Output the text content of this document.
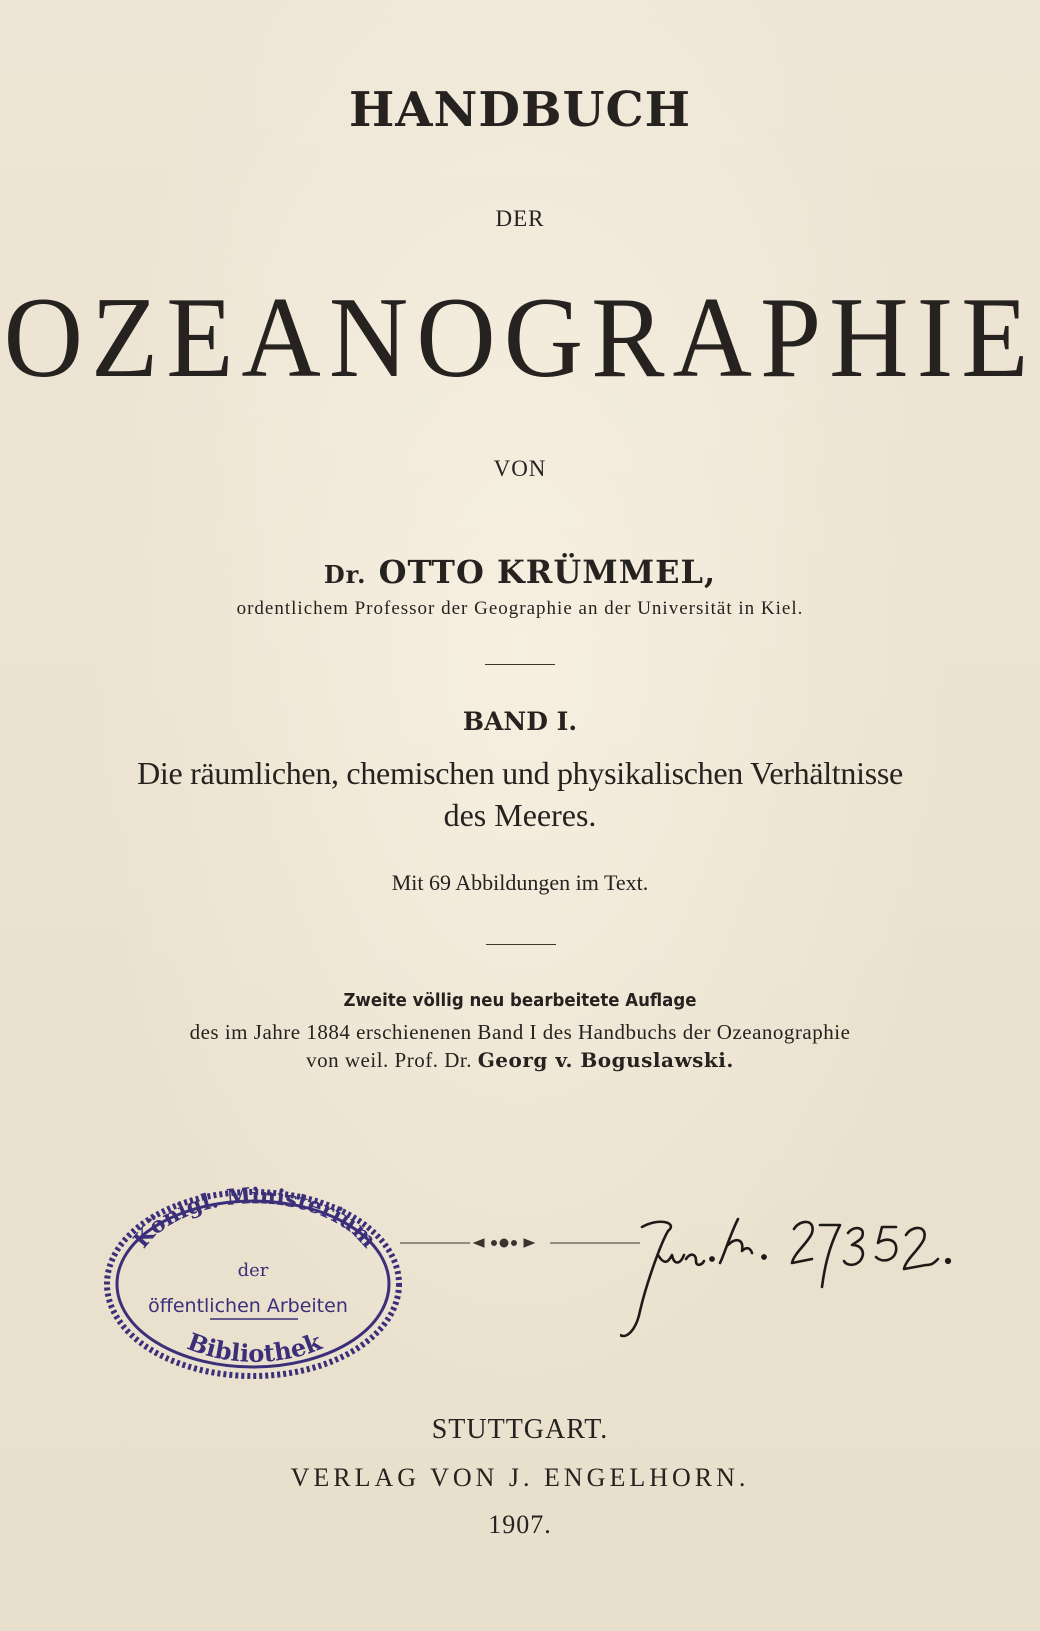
HANDBUCH
DER
OZEANOGRAPHIE
VON
Dr. OTTO KRÜMMEL,
ordentlichem Professor der Geographie an der Universität in Kiel.
BAND I.
Die räumlichen, chemischen und physikalischen Verhältnisse
des Meeres.
Mit 69 Abbildungen im Text.
Zweite völlig neu bearbeitete Auflage
des im Jahre 1884 erschienenen Band I des Handbuchs der Ozeanographie
von weil. Prof. Dr. Georg v. Boguslawski.
Königl. Ministerium
der
öffentlichen Arbeiten
Bibliothek
STUTTGART.
VERLAG VON J. ENGELHORN.
1907.
